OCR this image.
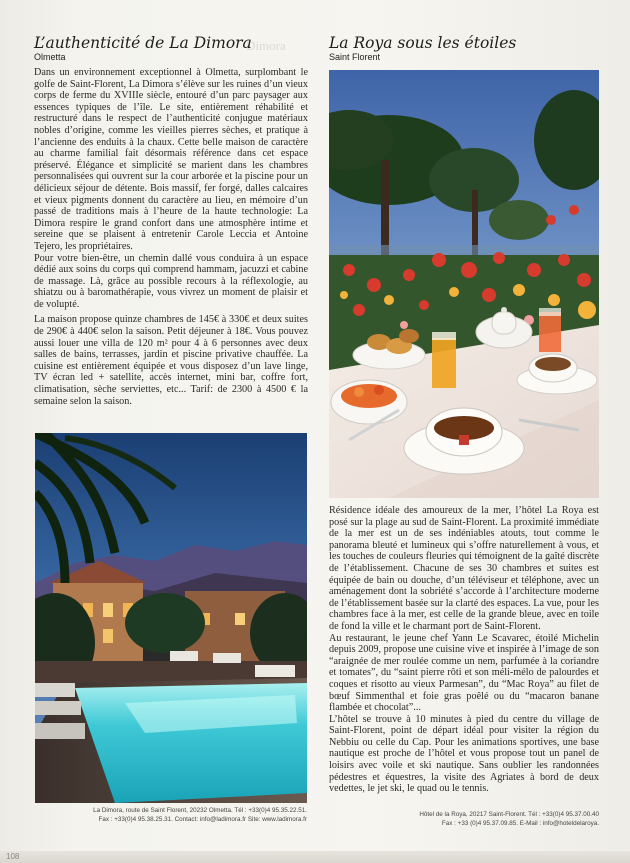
Dimora
L’authenticité de La Dimora
Olmetta

Dans un environnement exceptionnel à Olmetta, surplombant le golfe de Saint-Florent, La Dimora s’élève sur les ruines d’un vieux corps de ferme du XVIIIe siècle, entouré d’un parc paysager aux essences typiques de l’île. Le site, entièrement réhabilité et restructuré dans le respect de l’authenticité conjugue matériaux nobles d’origine, comme les vieilles pierres sèches, et pratique à l’ancienne des enduits à la chaux. Cette belle maison de caractère au charme familial fait désormais référence dans cet espace préservé. Élégance et simplicité se marient dans les chambres personnalisées qui ouvrent sur la cour arborée et la piscine pour un délicieux séjour de détente. Bois massif, fer forgé, dalles calcaires et vieux pigments donnent du caractère au lieu, en mémoire d’un passé de traditions mais à l’heure de la haute technologie: La Dimora respire le grand confort dans une atmosphère intime et sereine que se plaisent à entretenir Carole Leccia et Antoine Tejero, les propriétaires.

Pour votre bien-être, un chemin dallé vous conduira à un espace dédié aux soins du corps qui comprend hammam, jacuzzi et cabine de massage. Là, grâce au possible recours à la réflexologie, au shiatzu ou à baromathérapie, vous vivrez un moment de plaisir et de volupté.

La maison propose quinze chambres de 145€ à 330€ et deux suites de 290€ à 440€ selon la saison. Petit déjeuner à 18€. Vous pouvez aussi louer une villa de 120 m² pour 4 à 6 personnes avec deux salles de bains, terrasses, jardin et piscine privative chauffée. La cuisine est entièrement équipée et vous disposez d’un lave linge, TV écran led + satellite, accès internet, mini bar, coffre fort, climatisation, sèche serviettes, etc... Tarif: de 2300 à 4500 € la semaine selon la saison.

La Dimora, route de Saint Florent, 20232 Olmetta. Tél : +33(0)4 95.35.22.51.
Fax : +33(0)4 95.38.25.31. Contact: info@ladimora.fr Site: www.ladimora.fr
La Roya sous les étoiles
Saint Florent

Résidence idéale des amoureux de la mer, l’hôtel La Roya est posé sur la plage au sud de Saint-Florent. La proximité immédiate de la mer est un de ses indéniables atouts, tout comme le panorama bleuté et lumineux qui s’offre naturellement à vous, et les touches de couleurs fleuries qui témoignent de la gaîté discrète de l’établissement. Chacune de ses 30 chambres et suites est équipée de bain ou douche, d’un téléviseur et téléphone, avec un aménagement dont la sobriété s’accorde à l’architecture moderne de l’établissement basée sur la clarté des espaces. La vue, pour les chambres face à la mer, est celle de la grande bleue, avec en toile de fond la ville et le charmant port de Saint-Florent.

Au restaurant, le jeune chef Yann Le Scavarec, étoilé Michelin depuis 2009, propose une cuisine vive et inspirée à l’image de son “araignée de mer roulée comme un nem, parfumée à la coriandre et tomates”, du “saint pierre rôti et son méli-mélo de palourdes et coques et risotto au vieux Parmesan”, du “Mac Roya” au filet de bœuf Simmenthal et foie gras poêlé ou du “macaron banane flambée et chocolat”...

L’hôtel se trouve à 10 minutes à pied du centre du village de Saint-Florent, point de départ idéal pour visiter la région du Nebbiu ou celle du Cap. Pour les animations sportives, une base nautique est proche de l’hôtel et vous propose tout un panel de loisirs avec voile et ski nautique. Sans oublier les randonnées pédestres et équestres, la visite des Agriates à bord de deux vedettes, le jet ski, le quad ou le tennis.

Hôtel de la Roya, 20217 Saint-Florent. Tél : +33(0)4 95.37.00.40
Fax : +33 (0)4 95.37.09.85. E-Mail : info@hoteldelaroya.
108
